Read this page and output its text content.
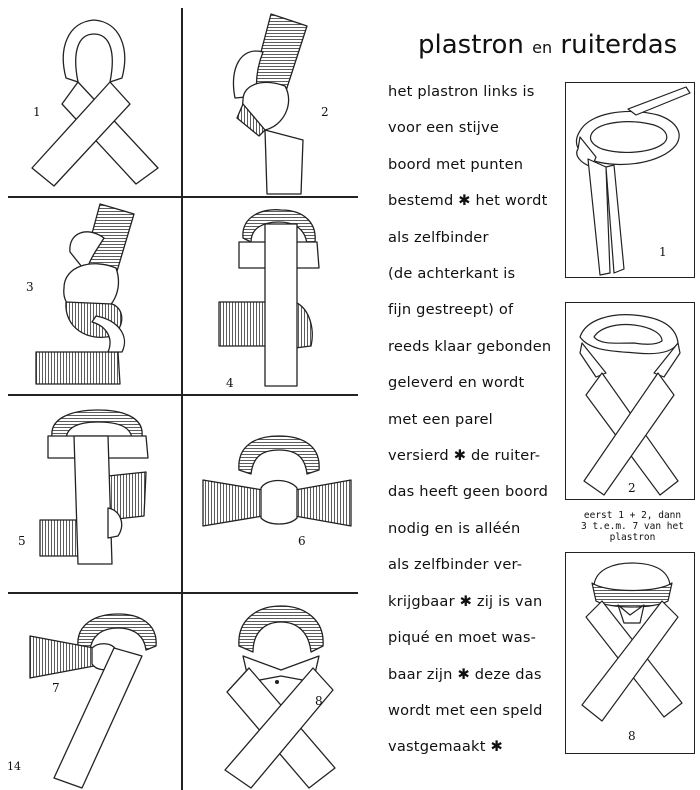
1	2
3
4
5	6
7
8
14
plastron en ruiterdas
het plastron links is
voor een stijve
boord met punten
bestemd ✱ het wordt
als zelfbinder
(de achterkant is
fijn gestreept) of
reeds klaar gebonden
geleverd en wordt
met een parel
versierd ✱ de ruiter-
das heeft geen boord
nodig en is alléén
als zelfbinder ver-
krijgbaar ✱ zij is van
piqué en moet was-
baar zijn ✱ deze das
wordt met een speld
vastgemaakt ✱
1
2
eerst 1 + 2, dann
3 t.e.m. 7 van het
plastron
8
